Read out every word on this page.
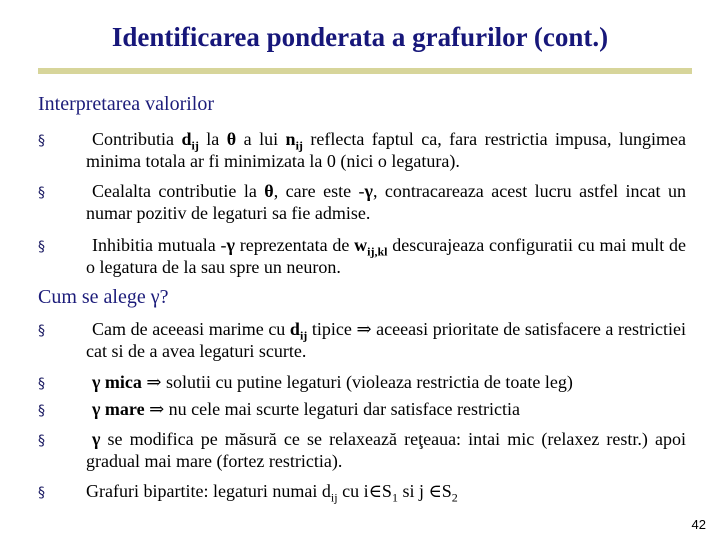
Identificarea ponderata a grafurilor (cont.)
Interpretarea valorilor
§	Contributia $d_{ij}$ la θ a lui $n_{ij}$ reflecta faptul ca, fara restrictia impusa, lungimea minima totala ar fi minimizata la 0 (nici o legatura).
§	Cealalta contributie la θ, care este -γ, contracareaza acest lucru astfel incat un numar pozitiv de legaturi sa fie admise.
§	Inhibitia mutuala -γ reprezentata de $w_{ij,kl}$ descurajeaza configuratii cu mai mult de o legatura de la sau spre un neuron.
Cum se alege γ?
§	Cam de aceeasi marime cu $d_{ij}$ tipice ⇒ aceeasi prioritate de satisfacere a restrictiei cat si de a avea legaturi scurte.
§	γ mica ⇒ solutii cu putine legaturi (violeaza restrictia de toate leg)
§	γ mare ⇒ nu cele mai scurte legaturi dar satisface restrictia
§	γ se modifica pe măsură ce se relaxează reţeaua: intai mic (relaxez restr.) apoi gradual mai mare (fortez restrictia).
§ Grafuri bipartite: legaturi numai $d_{ij}$ cu $i\in S_1$ si j $\in S_2$
42
